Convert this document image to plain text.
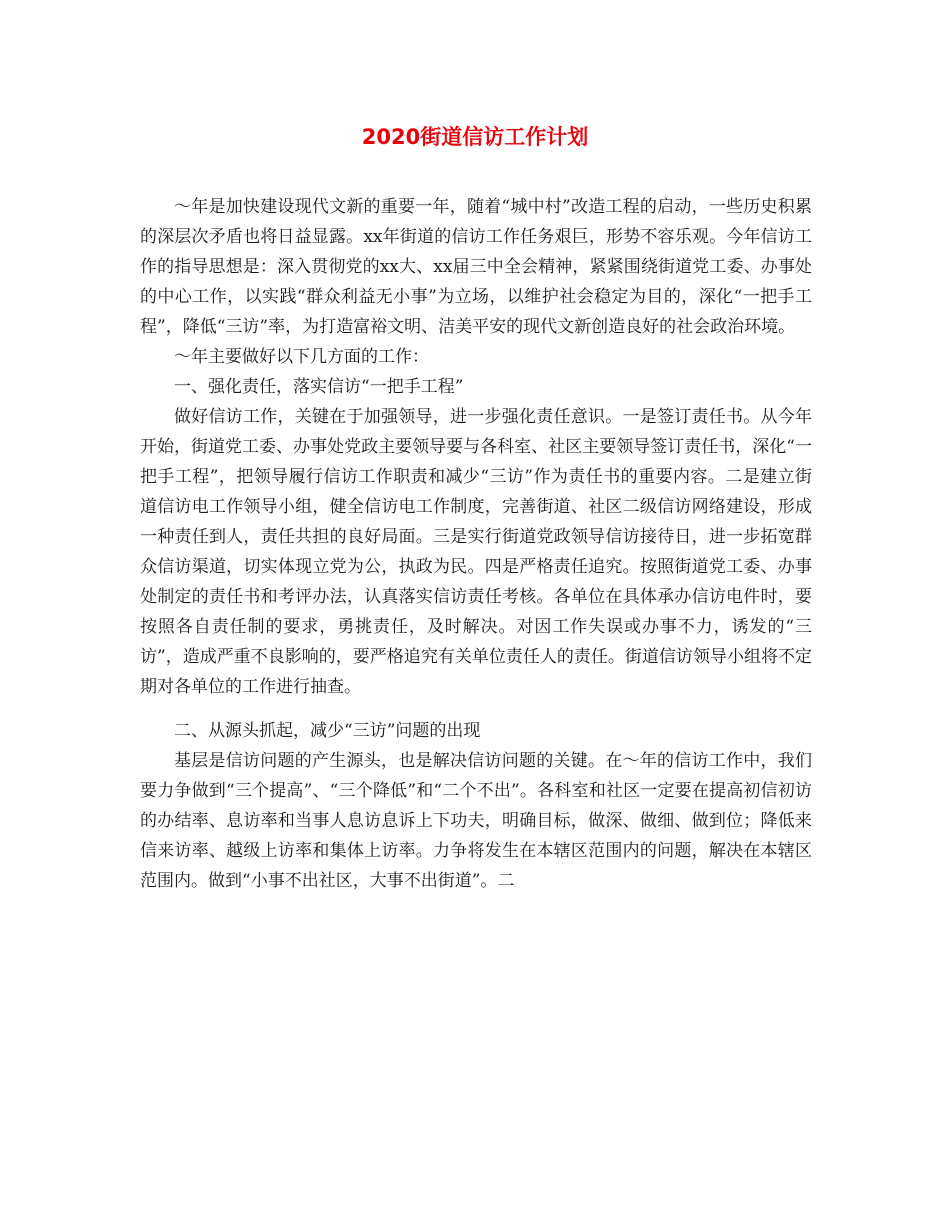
2020街道信访工作计划

～年是加快建设现代文新的重要一年，随着“城中村”改造工程的启动，一些历史积累的深层次矛盾也将日益显露。xx年街道的信访工作任务艰巨，形势不容乐观。今年信访工作的指导思想是：深入贯彻党的xx大、xx届三中全会精神，紧紧围绕街道党工委、办事处的中心工作，以实践“群众利益无小事”为立场，以维护社会稳定为目的，深化“一把手工程”，降低“三访”率，为打造富裕文明、洁美平安的现代文新创造良好的社会政治环境。

～年主要做好以下几方面的工作：

一、强化责任，落实信访“一把手工程”

做好信访工作，关键在于加强领导，进一步强化责任意识。一是签订责任书。从今年开始，街道党工委、办事处党政主要领导要与各科室、社区主要领导签订责任书，深化“一把手工程”，把领导履行信访工作职责和减少“三访”作为责任书的重要内容。二是建立街道信访电工作领导小组，健全信访电工作制度，完善街道、社区二级信访网络建设，形成一种责任到人，责任共担的良好局面。三是实行街道党政领导信访接待日，进一步拓宽群众信访渠道，切实体现立党为公，执政为民。四是严格责任追究。按照街道党工委、办事处制定的责任书和考评办法，认真落实信访责任考核。各单位在具体承办信访电件时，要按照各自责任制的要求，勇挑责任，及时解决。对因工作失误或办事不力，诱发的“三访”，造成严重不良影响的，要严格追究有关单位责任人的责任。街道信访领导小组将不定期对各单位的工作进行抽查。

二、从源头抓起，减少“三访”问题的出现

基层是信访问题的产生源头，也是解决信访问题的关键。在～年的信访工作中，我们要力争做到“三个提高”、“三个降低”和“二个不出”。各科室和社区一定要在提高初信初访的办结率、息访率和当事人息访息诉上下功夫，明确目标，做深、做细、做到位；降低来信来访率、越级上访率和集体上访率。力争将发生在本辖区范围内的问题，解决在本辖区范围内。做到“小事不出社区，大事不出街道”。二
